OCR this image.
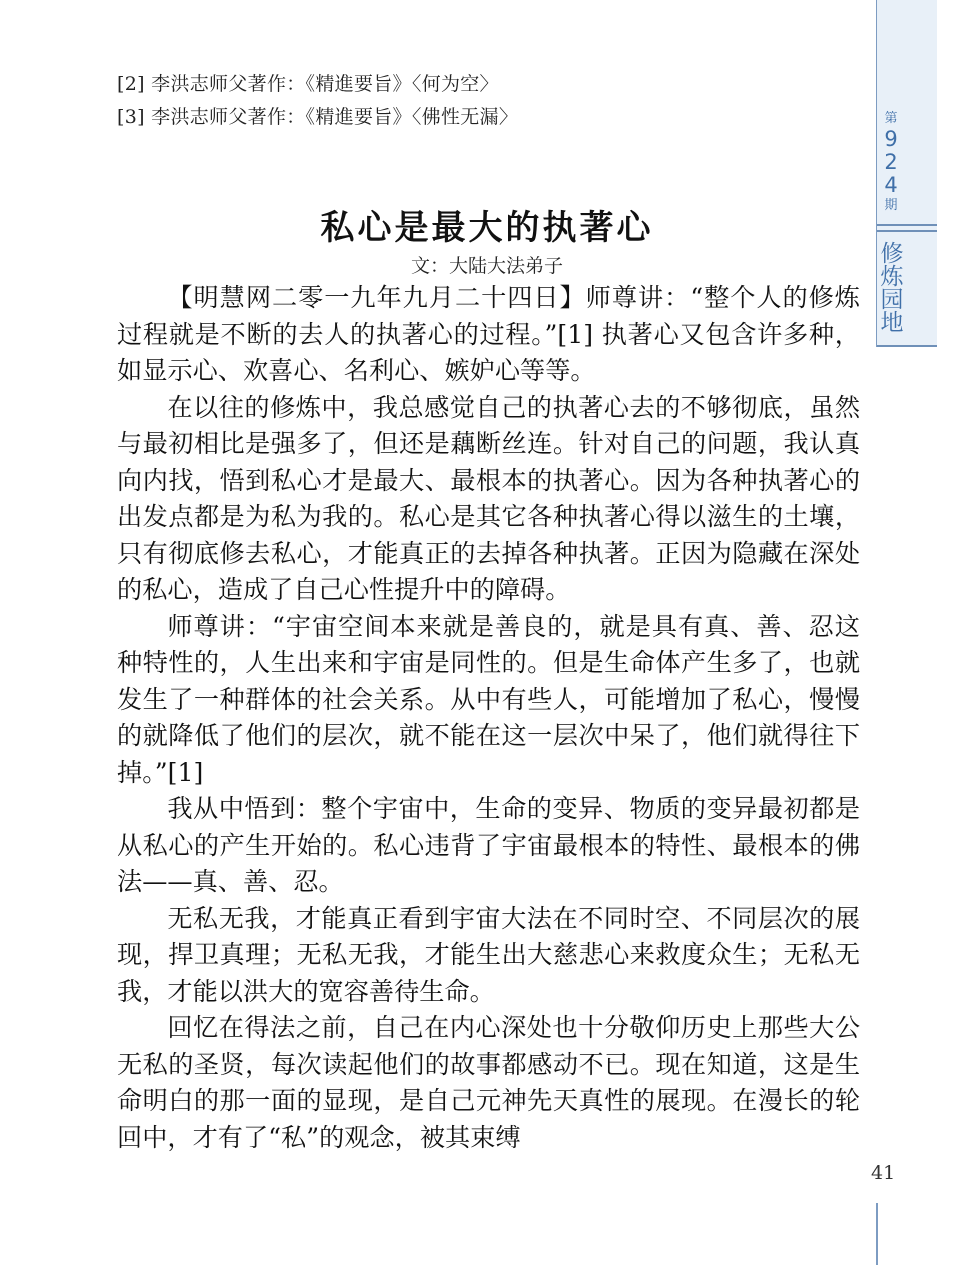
[2] 李洪志师父著作：《精進要旨》〈何为空〉
[3] 李洪志师父著作：《精進要旨》〈佛性无漏〉
私心是最大的执著心
文：大陆大法弟子

【明慧网二零一九年九月二十四日】师尊讲：“整个人的修炼过程就是不断的去人的执著心的过程。”[1] 执著心又包含许多种，如显示心、欢喜心、名利心、嫉妒心等等。

在以往的修炼中，我总感觉自己的执著心去的不够彻底，虽然与最初相比是强多了，但还是藕断丝连。针对自己的问题，我认真向内找，悟到私心才是最大、最根本的执著心。因为各种执著心的出发点都是为私为我的。私心是其它各种执著心得以滋生的土壤，只有彻底修去私心，才能真正的去掉各种执著。正因为隐藏在深处的私心，造成了自己心性提升中的障碍。

师尊讲：“宇宙空间本来就是善良的，就是具有真、善、忍这种特性的，人生出来和宇宙是同性的。但是生命体产生多了，也就发生了一种群体的社会关系。从中有些人，可能增加了私心，慢慢的就降低了他们的层次，就不能在这一层次中呆了，他们就得往下掉。”[1]

我从中悟到：整个宇宙中，生命的变异、物质的变异最初都是从私心的产生开始的。私心违背了宇宙最根本的特性、最根本的佛法——真、善、忍。

无私无我，才能真正看到宇宙大法在不同时空、不同层次的展现，捍卫真理；无私无我，才能生出大慈悲心来救度众生；无私无我，才能以洪大的宽容善待生命。

回忆在得法之前，自己在内心深处也十分敬仰历史上那些大公无私的圣贤，每次读起他们的故事都感动不已。现在知道，这是生命明白的那一面的显现，是自己元神先天真性的展现。在漫长的轮回中，才有了“私”的观念，被其束缚

第
9
2
4
期
修
炼
园
地
41
